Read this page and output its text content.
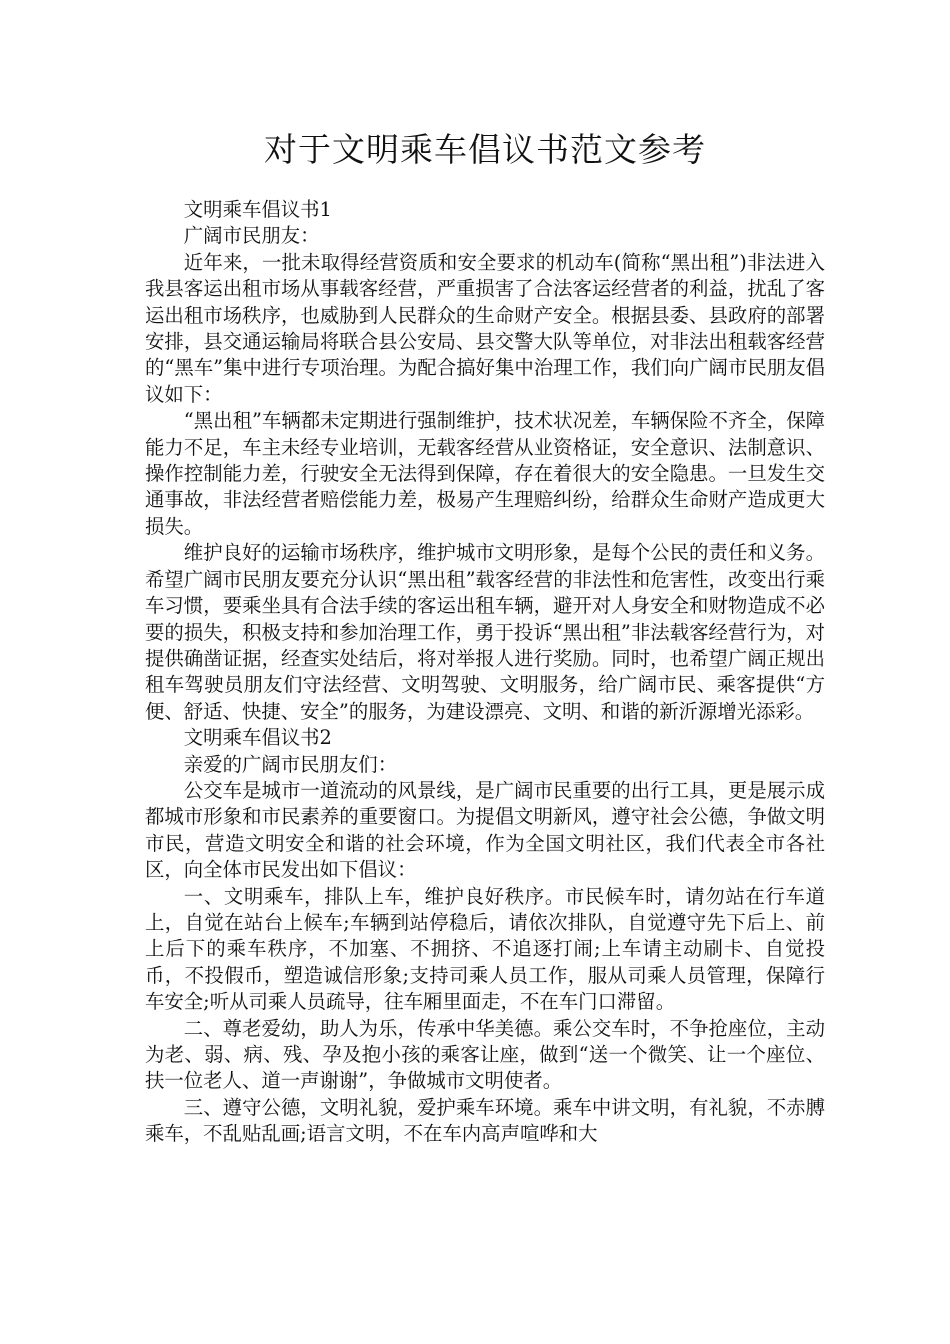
对于文明乘车倡议书范文参考

文明乘车倡议书1

广阔市民朋友：

近年来，一批未取得经营资质和安全要求的机动车(简称“黑出租”)非法进入我县客运出租市场从事载客经营，严重损害了合法客运经营者的利益，扰乱了客运出租市场秩序，也威胁到人民群众的生命财产安全。根据县委、县政府的部署安排，县交通运输局将联合县公安局、县交警大队等单位，对非法出租载客经营的“黑车”集中进行专项治理。为配合搞好集中治理工作，我们向广阔市民朋友倡议如下：

“黑出租”车辆都未定期进行强制维护，技术状况差，车辆保险不齐全，保障能力不足，车主未经专业培训，无载客经营从业资格证，安全意识、法制意识、操作控制能力差，行驶安全无法得到保障，存在着很大的安全隐患。一旦发生交通事故，非法经营者赔偿能力差，极易产生理赔纠纷，给群众生命财产造成更大损失。

维护良好的运输市场秩序，维护城市文明形象，是每个公民的责任和义务。希望广阔市民朋友要充分认识“黑出租”载客经营的非法性和危害性，改变出行乘车习惯，要乘坐具有合法手续的客运出租车辆，避开对人身安全和财物造成不必要的损失，积极支持和参加治理工作，勇于投诉“黑出租”非法载客经营行为，对提供确凿证据，经查实处结后，将对举报人进行奖励。同时，也希望广阔正规出租车驾驶员朋友们守法经营、文明驾驶、文明服务，给广阔市民、乘客提供“方便、舒适、快捷、安全”的服务，为建设漂亮、文明、和谐的新沂源增光添彩。

文明乘车倡议书2

亲爱的广阔市民朋友们：

公交车是城市一道流动的风景线，是广阔市民重要的出行工具，更是展示成都城市形象和市民素养的重要窗口。为提倡文明新风，遵守社会公德，争做文明市民，营造文明安全和谐的社会环境，作为全国文明社区，我们代表全市各社区，向全体市民发出如下倡议：

一、文明乘车，排队上车，维护良好秩序。市民候车时，请勿站在行车道上，自觉在站台上候车;车辆到站停稳后，请依次排队，自觉遵守先下后上、前上后下的乘车秩序，不加塞、不拥挤、不追逐打闹;上车请主动刷卡、自觉投币，不投假币，塑造诚信形象;支持司乘人员工作，服从司乘人员管理，保障行车安全;听从司乘人员疏导，往车厢里面走，不在车门口滞留。

二、尊老爱幼，助人为乐，传承中华美德。乘公交车时，不争抢座位，主动为老、弱、病、残、孕及抱小孩的乘客让座，做到“送一个微笑、让一个座位、扶一位老人、道一声谢谢”，争做城市文明使者。

三、遵守公德，文明礼貌，爱护乘车环境。乘车中讲文明，有礼貌，不赤膊乘车，不乱贴乱画;语言文明，不在车内高声喧哗和大
